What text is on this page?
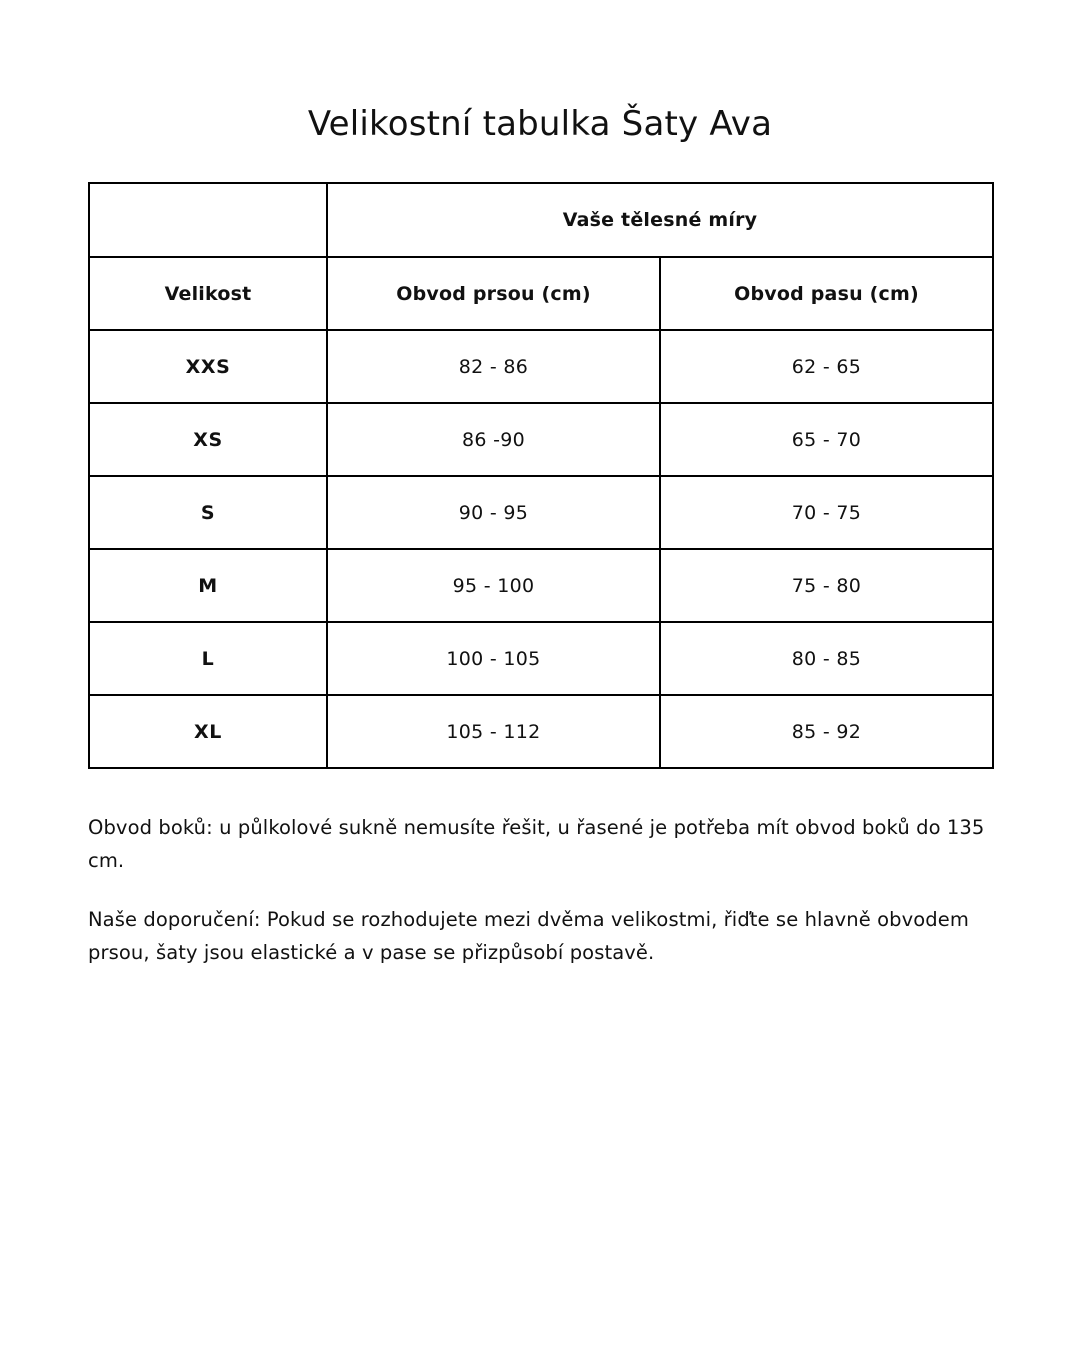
Velikostní tabulka Šaty Ava
	Vaše tělesné míry	
Velikost	Obvod prsou (cm)	Obvod pasu (cm)
XXS	82 - 86	62 - 65
XS	86 -90	65 - 70
S	90 - 95	70 - 75
M	95 - 100	75 - 80
L	100 - 105	80 - 85
XL	105 - 112	85 - 92

Obvod boků: u půlkolové sukně nemusíte řešit, u řasené je potřeba mít obvod boků do 135 cm.

Naše doporučení: Pokud se rozhodujete mezi dvěma velikostmi, řiďte se hlavně obvodem prsou, šaty jsou elastické a v pase se přizpůsobí postavě.
